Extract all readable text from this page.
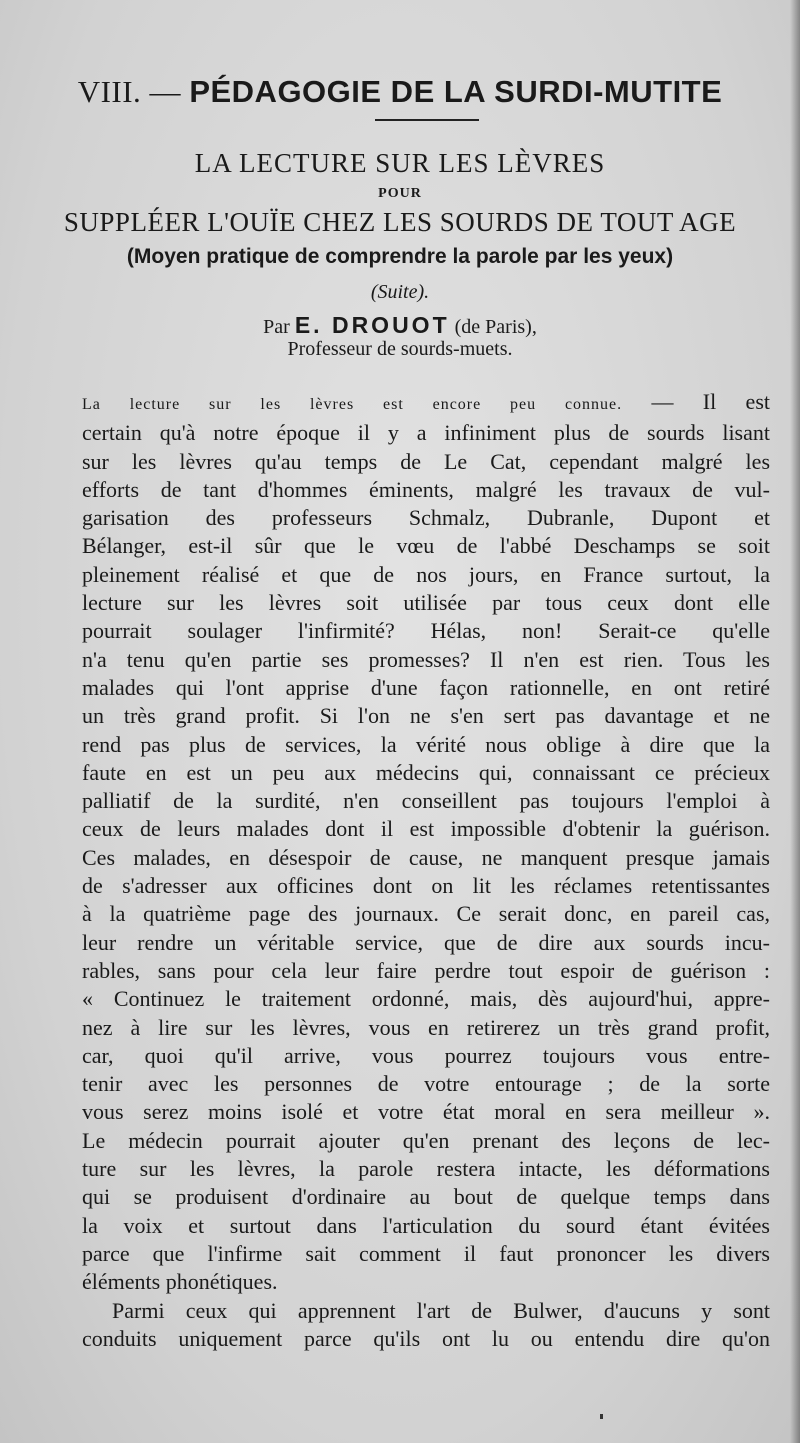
VIII. — PÉDAGOGIE DE LA SURDI-MUTITE
LA LECTURE SUR LES LÈVRES
POUR
SUPPLÉER L'OUÏE CHEZ LES SOURDS DE TOUT AGE
(Moyen pratique de comprendre la parole par les yeux)
(Suite).
Par E. DROUOT (de Paris),
Professeur de sourds-muets.
La lecture sur les lèvres est encore peu connue. — Il est
certain qu'à notre époque il y a infiniment plus de sourds lisant
sur les lèvres qu'au temps de Le Cat, cependant malgré les
efforts de tant d'hommes éminents, malgré les travaux de vul-
garisation des professeurs Schmalz, Dubranle, Dupont et
Bélanger, est-il sûr que le vœu de l'abbé Deschamps se soit
pleinement réalisé et que de nos jours, en France surtout, la
lecture sur les lèvres soit utilisée par tous ceux dont elle
pourrait soulager l'infirmité? Hélas, non! Serait-ce qu'elle
n'a tenu qu'en partie ses promesses? Il n'en est rien. Tous les
malades qui l'ont apprise d'une façon rationnelle, en ont retiré
un très grand profit. Si l'on ne s'en sert pas davantage et ne
rend pas plus de services, la vérité nous oblige à dire que la
faute en est un peu aux médecins qui, connaissant ce précieux
palliatif de la surdité, n'en conseillent pas toujours l'emploi à
ceux de leurs malades dont il est impossible d'obtenir la guérison.
Ces malades, en désespoir de cause, ne manquent presque jamais
de s'adresser aux officines dont on lit les réclames retentissantes
à la quatrième page des journaux. Ce serait donc, en pareil cas,
leur rendre un véritable service, que de dire aux sourds incu-
rables, sans pour cela leur faire perdre tout espoir de guérison :
« Continuez le traitement ordonné, mais, dès aujourd'hui, appre-
nez à lire sur les lèvres, vous en retirerez un très grand profit,
car, quoi qu'il arrive, vous pourrez toujours vous entre-
tenir avec les personnes de votre entourage ; de la sorte
vous serez moins isolé et votre état moral en sera meilleur ».
Le médecin pourrait ajouter qu'en prenant des leçons de lec-
ture sur les lèvres, la parole restera intacte, les déformations
qui se produisent d'ordinaire au bout de quelque temps dans
la voix et surtout dans l'articulation du sourd étant évitées
parce que l'infirme sait comment il faut prononcer les divers
éléments phonétiques.
Parmi ceux qui apprennent l'art de Bulwer, d'aucuns y sont
conduits uniquement parce qu'ils ont lu ou entendu dire qu'on
